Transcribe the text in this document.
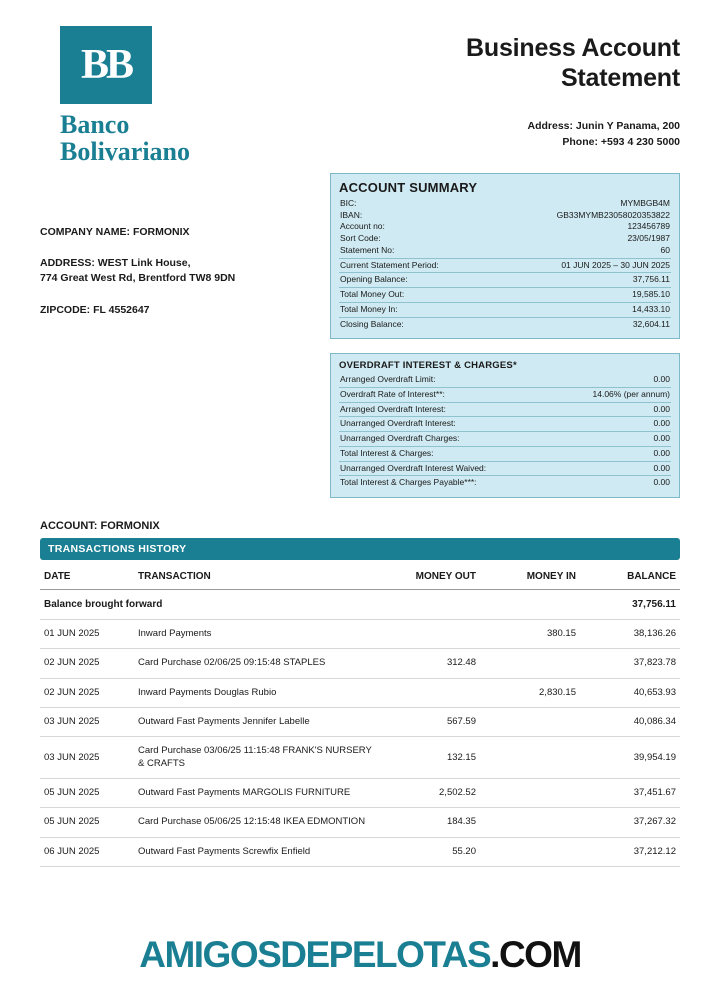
BB
Banco
Bolivariano
Business Account
Statement
Address: Junin Y Panama, 200
Phone: +593 4 230 5000
COMPANY NAME: FORMONIX
ADDRESS: WEST Link House,
774 Great West Rd, Brentford TW8 9DN
ZIPCODE: FL 4552647
ACCOUNT SUMMARY
BIC:	MYMBGB4M
IBAN:	GB33MYMB23058020353822
Account no:	123456789
Sort Code:	23/05/1987
Statement No:	60
Current Statement Period:	01 JUN 2025 – 30 JUN 2025
Opening Balance:	37,756.11
Total Money Out:	19,585.10
Total Money In:	14,433.10
Closing Balance:	32,604.11
OVERDRAFT INTEREST & CHARGES*
Arranged Overdraft Limit:	0.00
Overdraft Rate of Interest**:	14.06% (per annum)
Arranged Overdraft Interest:	0.00
Unarranged Overdraft Interest:	0.00
Unarranged Overdraft Charges:	0.00
Total Interest & Charges:	0.00
Unarranged Overdraft Interest Waived:	0.00
Total Interest & Charges Payable***:	0.00
ACCOUNT: FORMONIX
TRANSACTIONS HISTORY
DATE	TRANSACTION	MONEY OUT	MONEY IN	BALANCE
Balance brought forward				37,756.11
01 JUN 2025	Inward Payments		380.15	38,136.26
02 JUN 2025	Card Purchase 02/06/25 09:15:48 STAPLES	312.48		37,823.78
02 JUN 2025	Inward Payments Douglas Rubio		2,830.15	40,653.93
03 JUN 2025	Outward Fast Payments Jennifer Labelle	567.59		40,086.34
03 JUN 2025	Card Purchase 03/06/25 11:15:48 FRANK'S NURSERY & CRAFTS	132.15		39,954.19
05 JUN 2025	Outward Fast Payments MARGOLIS FURNITURE	2,502.52		37,451.67
05 JUN 2025	Card Purchase 05/06/25 12:15:48 IKEA EDMONTION	184.35		37,267.32
06 JUN 2025	Outward Fast Payments Screwfix Enfield	55.20		37,212.12
AMIGOSDEPELOTAS.COM
